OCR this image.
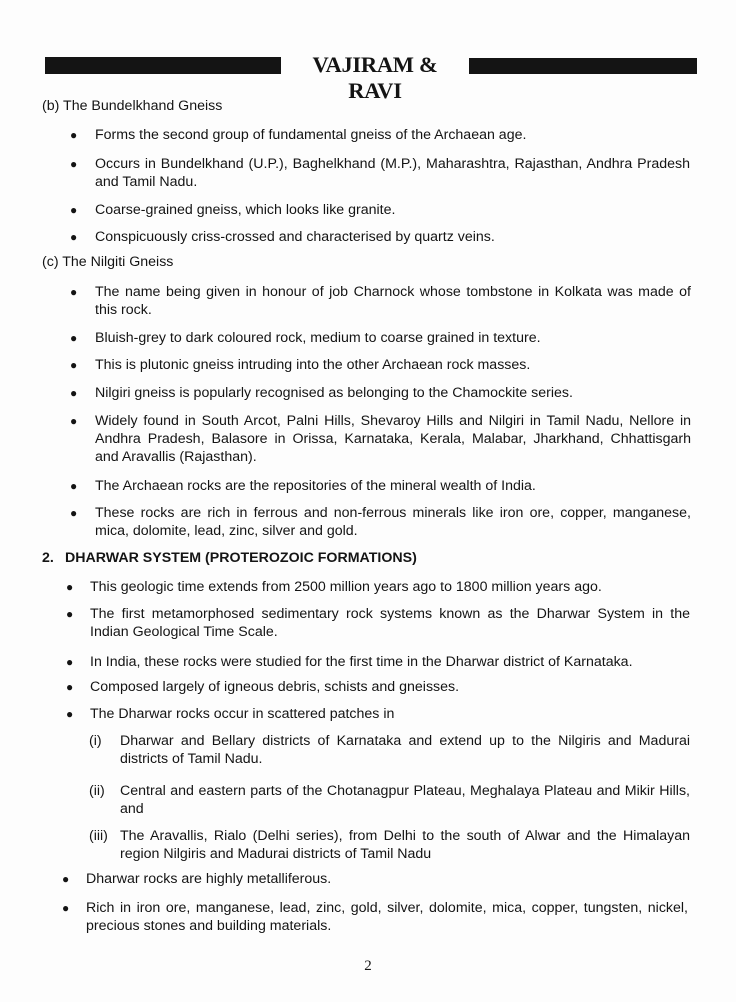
VAJIRAM & RAVI
(b) The Bundelkhand Gneiss
● Forms the second group of fundamental gneiss of the Archaean age.
● Occurs in Bundelkhand (U.P.), Baghelkhand (M.P.), Maharashtra, Rajasthan, Andhra Pradesh and Tamil Nadu.
● Coarse-grained gneiss, which looks like granite.
● Conspicuously criss-crossed and characterised by quartz veins.
(c) The Nilgiti Gneiss
● The name being given in honour of job Charnock whose tombstone in Kolkata was made of this rock.
● Bluish-grey to dark coloured rock, medium to coarse grained in texture.
● This is plutonic gneiss intruding into the other Archaean rock masses.
● Nilgiri gneiss is popularly recognised as belonging to the Chamockite series.
● Widely found in South Arcot, Palni Hills, Shevaroy Hills and Nilgiri in Tamil Nadu, Nellore in Andhra Pradesh, Balasore in Orissa, Karnataka, Kerala, Malabar, Jharkhand, Chhattisgarh and Aravallis (Rajasthan).
● The Archaean rocks are the repositories of the mineral wealth of India.
● These rocks are rich in ferrous and non-ferrous minerals like iron ore, copper, manganese, mica, dolomite, lead, zinc, silver and gold.
2. DHARWAR SYSTEM (PROTEROZOIC FORMATIONS)
● This geologic time extends from 2500 million years ago to 1800 million years ago.
● The first metamorphosed sedimentary rock systems known as the Dharwar System in the Indian Geological Time Scale.
● In India, these rocks were studied for the first time in the Dharwar district of Karnataka.
● Composed largely of igneous debris, schists and gneisses.
● The Dharwar rocks occur in scattered patches in
(i) Dharwar and Bellary districts of Karnataka and extend up to the Nilgiris and Madurai districts of Tamil Nadu.
(ii) Central and eastern parts of the Chotanagpur Plateau, Meghalaya Plateau and Mikir Hills, and
(iii) The Aravallis, Rialo (Delhi series), from Delhi to the south of Alwar and the Himalayan region Nilgiris and Madurai districts of Tamil Nadu
● Dharwar rocks are highly metalliferous.
● Rich in iron ore, manganese, lead, zinc, gold, silver, dolomite, mica, copper, tungsten, nickel, precious stones and building materials.
2
